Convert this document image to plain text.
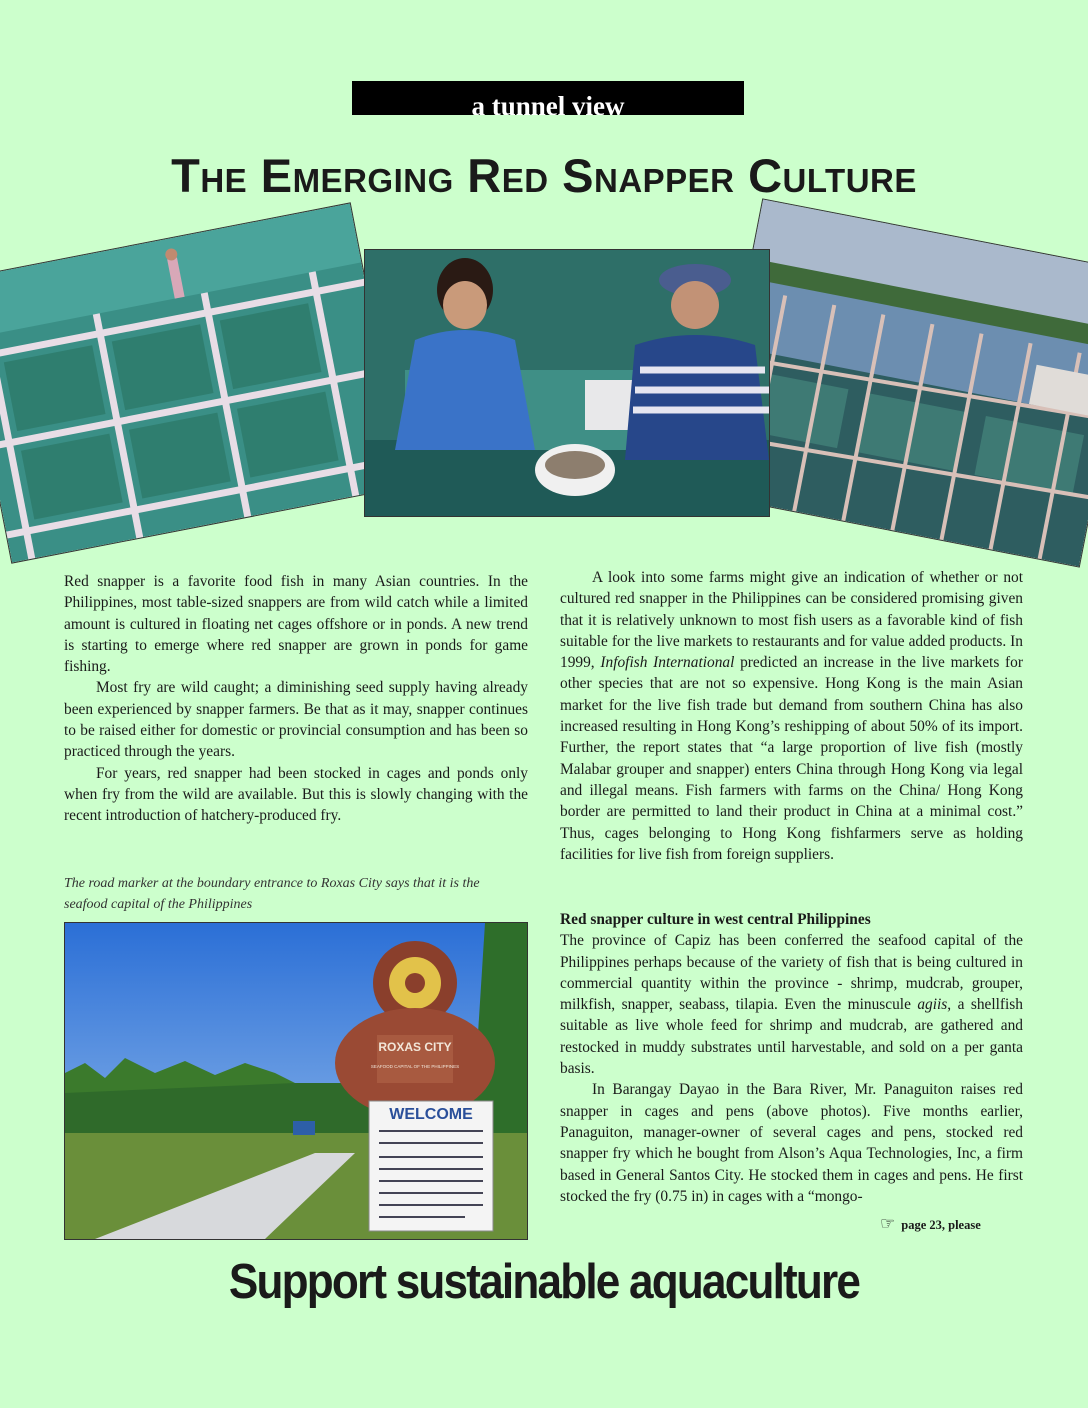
a tunnel view
The Emerging Red Snapper Culture

Red snapper is a favorite food fish in many Asian countries. In the Philippines, most table-sized snappers are from wild catch while a limited amount is cultured in floating net cages offshore or in ponds. A new trend is starting to emerge where red snapper are grown in ponds for game fishing.

Most fry are wild caught; a diminishing seed supply having already been experienced by snapper farmers. Be that as it may, snapper continues to be raised either for domestic or provincial consumption and has been so practiced through the years.

For years, red snapper had been stocked in cages and ponds only when fry from the wild are available. But this is slowly changing with the recent introduction of hatchery-produced fry.

The road marker at the boundary entrance to Roxas City says that it is the seafood capital of the Philippines
ROXAS CITY
SEAFOOD CAPITAL OF THE PHILIPPINES
WELCOME

A look into some farms might give an indication of whether or not cultured red snapper in the Philippines can be considered promising given that it is relatively unknown to most fish users as a favorable kind of fish suitable for the live markets to restaurants and for value added products. In 1999, Infofish International predicted an increase in the live markets for other species that are not so expensive. Hong Kong is the main Asian market for the live fish trade but demand from southern China has also increased resulting in Hong Kong’s reshipping of about 50% of its import. Further, the report states that “a large proportion of live fish (mostly Malabar grouper and snapper) enters China through Hong Kong via legal and illegal means. Fish farmers with farms on the China/ Hong Kong border are permitted to land their product in China at a minimal cost.” Thus, cages belonging to Hong Kong fishfarmers serve as holding facilities for live fish from foreign suppliers.

Red snapper culture in west central Philippines

The province of Capiz has been conferred the seafood capital of the Philippines perhaps because of the variety of fish that is being cultured in commercial quantity within the province - shrimp, mudcrab, grouper, milkfish, snapper, seabass, tilapia. Even the minuscule agiis, a shellfish suitable as live whole feed for shrimp and mudcrab, are gathered and restocked in muddy substrates until harvestable, and sold on a per ganta basis.

In Barangay Dayao in the Bara River, Mr. Panaguiton raises red snapper in cages and pens (above photos). Five months earlier, Panaguiton, manager-owner of several cages and pens, stocked red snapper fry which he bought from Alson’s Aqua Technologies, Inc, a firm based in General Santos City. He stocked them in cages and pens. He first stocked the fry (0.75 in) in cages with a “mongo-

☞ page 23, please
Support sustainable aquaculture
